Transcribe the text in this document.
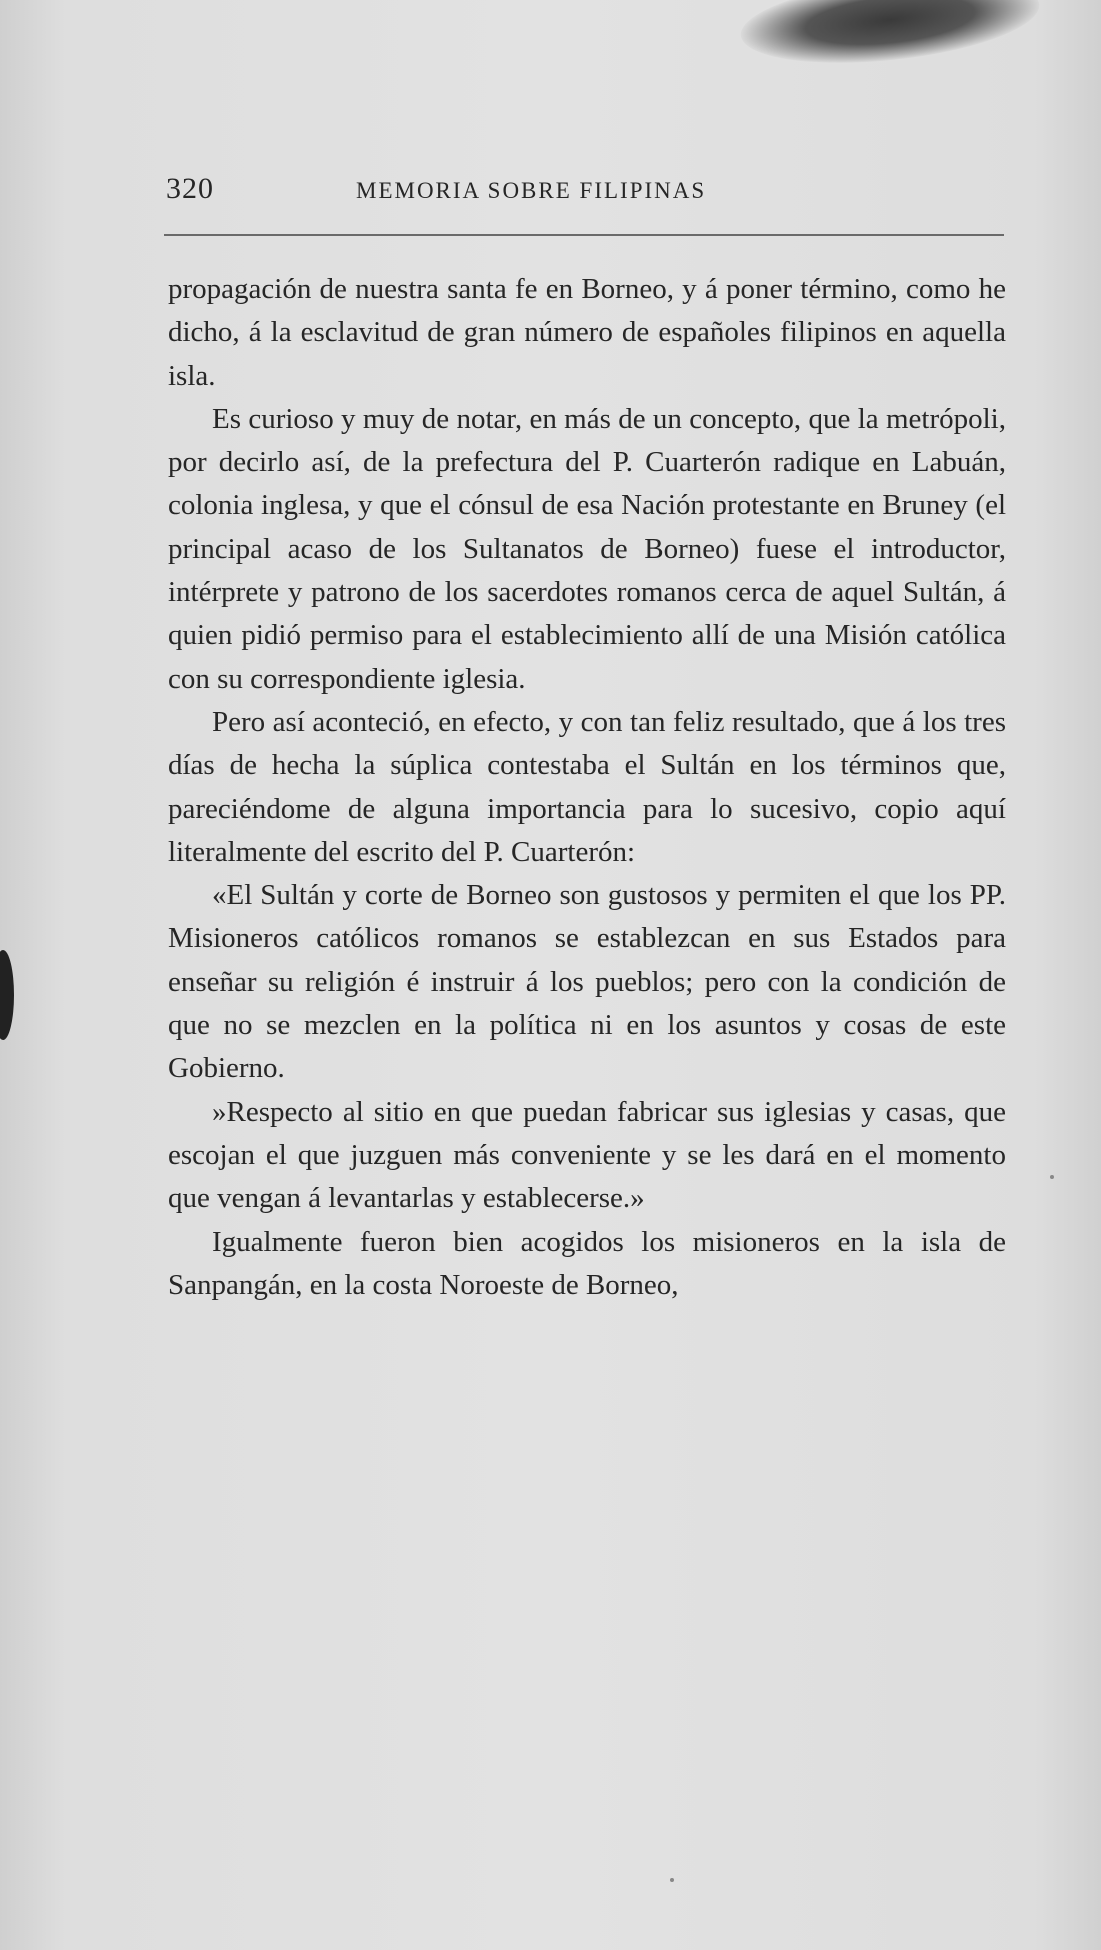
320	MEMORIA SOBRE FILIPINAS

propagación de nuestra santa fe en Borneo, y á poner término, como he dicho, á la esclavitud de gran número de españoles filipinos en aquella isla.

Es curioso y muy de notar, en más de un concepto, que la metrópoli, por decirlo así, de la prefectura del P. Cuarterón radique en Labuán, colonia inglesa, y que el cónsul de esa Nación protestante en Bruney (el principal acaso de los Sultanatos de Borneo) fuese el introductor, intérprete y patrono de los sacerdotes romanos cerca de aquel Sultán, á quien pidió permiso para el establecimiento allí de una Misión católica con su correspondiente iglesia.

Pero así aconteció, en efecto, y con tan feliz resultado, que á los tres días de hecha la súplica contestaba el Sultán en los términos que, pareciéndome de alguna importancia para lo sucesivo, copio aquí literalmente del escrito del P. Cuarterón:

«El Sultán y corte de Borneo son gustosos y permiten el que los PP. Misioneros católicos romanos se establezcan en sus Estados para enseñar su religión é instruir á los pueblos; pero con la condición de que no se mezclen en la política ni en los asuntos y cosas de este Gobierno.

»Respecto al sitio en que puedan fabricar sus iglesias y casas, que escojan el que juzguen más conveniente y se les dará en el momento que vengan á levantarlas y establecerse.»

Igualmente fueron bien acogidos los misioneros en la isla de Sanpangán, en la costa Noroeste de Borneo,
